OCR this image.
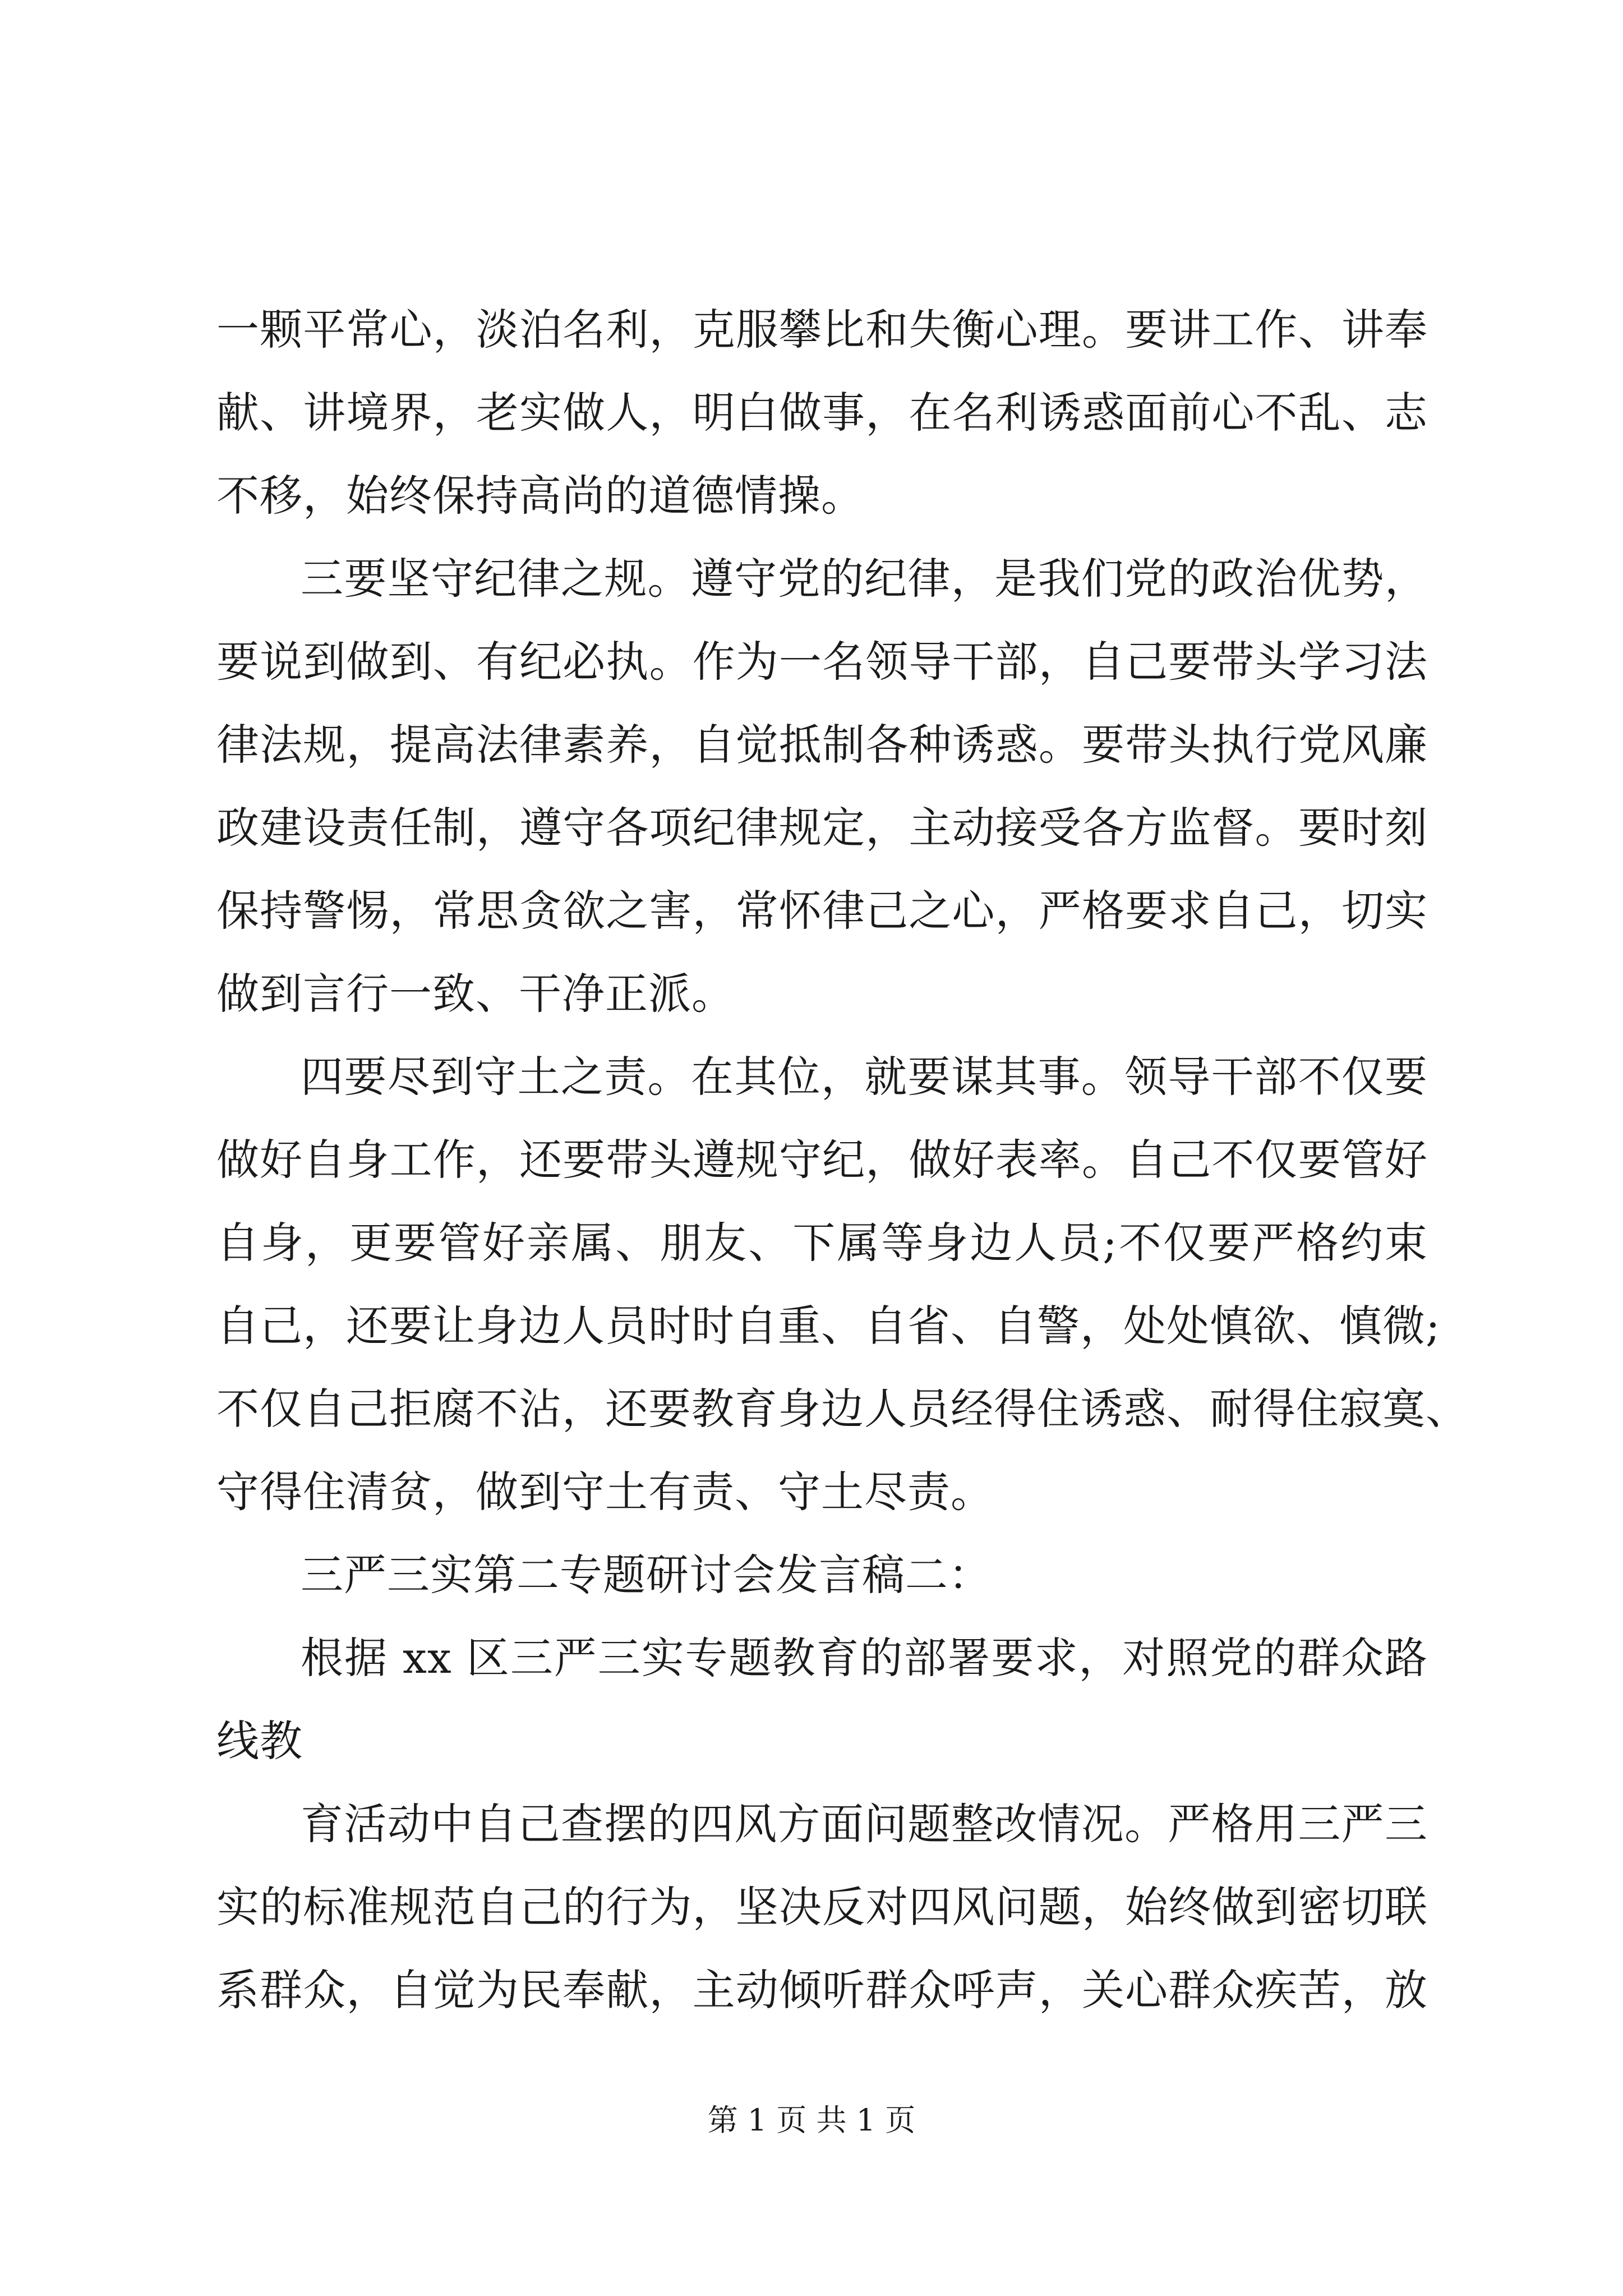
一颗平常心，淡泊名利，克服攀比和失衡心理。要讲工作、讲奉
献、讲境界，老实做人，明白做事，在名利诱惑面前心不乱、志
不移，始终保持高尚的道德情操。
三要坚守纪律之规。遵守党的纪律，是我们党的政治优势，
要说到做到、有纪必执。作为一名领导干部，自己要带头学习法
律法规，提高法律素养，自觉抵制各种诱惑。要带头执行党风廉
政建设责任制，遵守各项纪律规定，主动接受各方监督。要时刻
保持警惕，常思贪欲之害，常怀律己之心，严格要求自己，切实
做到言行一致、干净正派。
四要尽到守土之责。在其位，就要谋其事。领导干部不仅要
做好自身工作，还要带头遵规守纪，做好表率。自己不仅要管好
自身，更要管好亲属、朋友、下属等身边人员;不仅要严格约束
自己，还要让身边人员时时自重、自省、自警，处处慎欲、慎微;
不仅自己拒腐不沾，还要教育身边人员经得住诱惑、耐得住寂寞、
守得住清贫，做到守土有责、守土尽责。
三严三实第二专题研讨会发言稿二：
根据 xx 区三严三实专题教育的部署要求，对照党的群众路
线教
育活动中自己查摆的四风方面问题整改情况。严格用三严三
实的标准规范自己的行为，坚决反对四风问题，始终做到密切联
系群众，自觉为民奉献，主动倾听群众呼声，关心群众疾苦，放
第 1 页 共 1 页
